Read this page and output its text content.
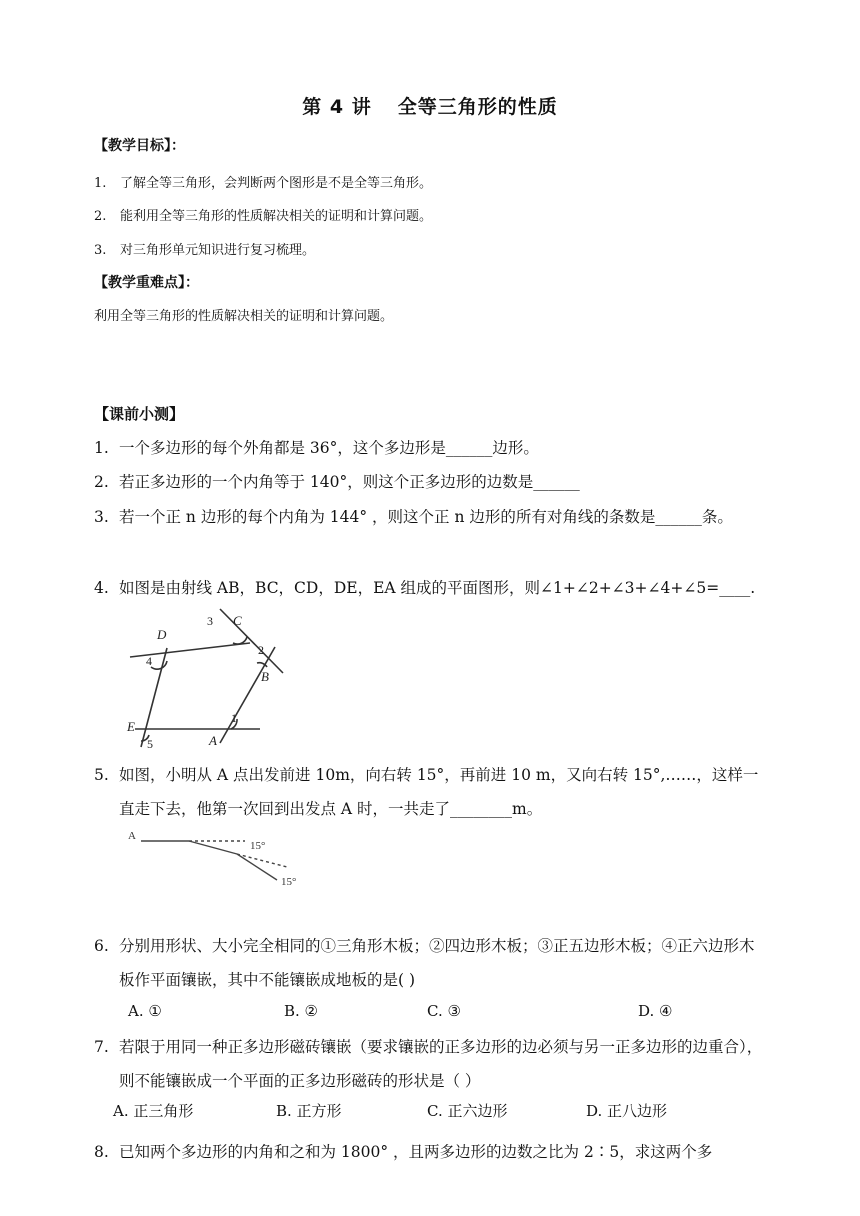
第 4 讲 全等三角形的性质
【教学目标】：
1. 了解全等三角形，会判断两个图形是不是全等三角形。
2. 能利用全等三角形的性质解决相关的证明和计算问题。
3. 对三角形单元知识进行复习梳理。
【教学重难点】：
利用全等三角形的性质解决相关的证明和计算问题。
【课前小测】
1. 一个多边形的每个外角都是 36°，这个多边形是______边形。
2. 若正多边形的一个内角等于 140°，则这个正多边形的边数是______
3. 若一个正 n 边形的每个内角为 144° ，则这个正 n 边形的所有对角线的条数是______条。
4. 如图是由射线 AB，BC，CD，DE，EA 组成的平面图形，则∠1+∠2+∠3+∠4+∠5=____.
C
D
B
E
A
1
2
3
4
5
5. 如图，小明从 A 点出发前进 10m，向右转 15°，再前进 10 m，又向右转 15°,……，这样一直走下去，他第一次回到出发点 A 时，一共走了________m。
A
15°
15°
6. 分别用形状、大小完全相同的①三角形木板；②四边形木板；③正五边形木板；④正六边形木板作平面镶嵌，其中不能镶嵌成地板的是( )
A. ①	B. ②	C. ③	D. ④
7. 若限于用同一种正多边形磁砖镶嵌（要求镶嵌的正多边形的边必须与另一正多边形的边重合），则不能镶嵌成一个平面的正多边形磁砖的形状是（ ）
A. 正三角形	B. 正方形	C. 正六边形	D. 正八边形
8. 已知两个多边形的内角和之和为 1800° ，且两多边形的边数之比为 2∶5，求这两个多
